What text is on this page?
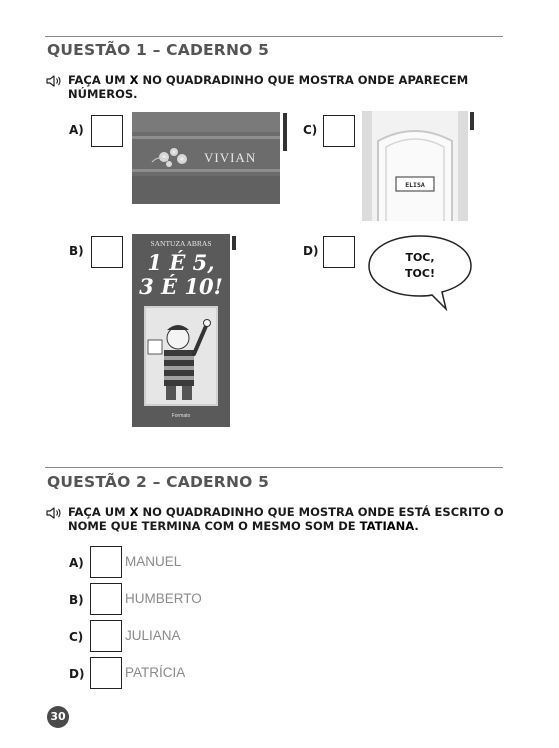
QUESTÃO 1 – CADERNO 5
FAÇA UM X NO QUADRADINHO QUE MOSTRA ONDE APARECEM
NÚMEROS.
A)
VIVIAN
C)
ELISA
B)
SANTUZA ABRAS
1 É 5,
3 É 10!
Formato
D)	TOC,
TOC!
QUESTÃO 2 – CADERNO 5
FAÇA UM X NO QUADRADINHO QUE MOSTRA ONDE ESTÁ ESCRITO O
NOME QUE TERMINA COM O MESMO SOM DE TATIANA.
A)	MANUEL
B)	HUMBERTO
C)	JULIANA
D)	PATRÍCIA
30
